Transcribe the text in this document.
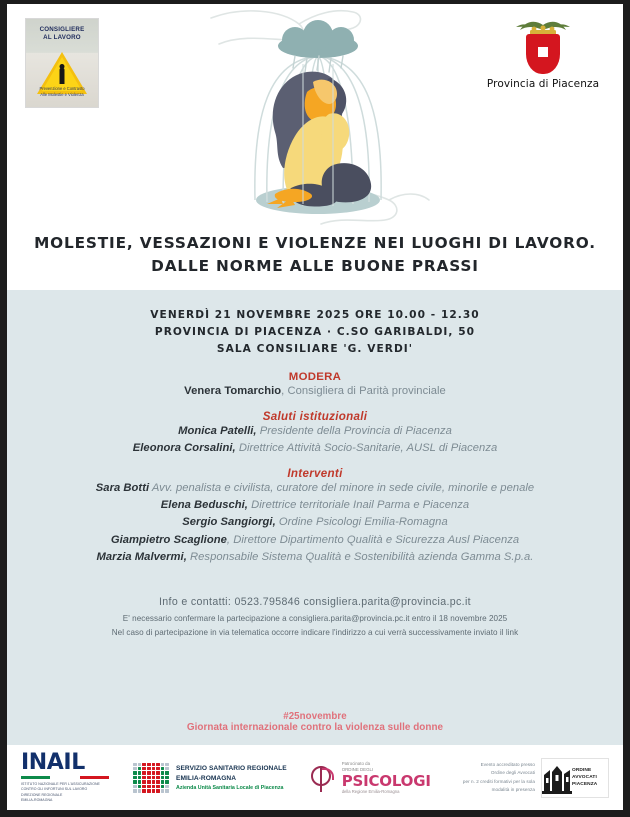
CONSIGLIERE
AL LAVORO
Prevenzione e Contrasto
Alle Molestie e Violenza
Provincia di Piacenza
MOLESTIE, VESSAZIONI E VIOLENZE NEI LUOGHI DI LAVORO.
DALLE NORME ALLE BUONE PRASSI
VENERDÌ 21 NOVEMBRE 2025 ORE 10.00 - 12.30
PROVINCIA DI PIACENZA · C.SO GARIBALDI, 50
SALA CONSILIARE 'G. VERDI'
MODERA
Venera Tomarchio, Consigliera di Parità provinciale
Saluti istituzionali
Monica Patelli, Presidente della Provincia di Piacenza
Eleonora Corsalini, Direttrice Attività Socio-Sanitarie, AUSL di Piacenza
Interventi
Sara Botti Avv. penalista e civilista, curatore del minore in sede civile, minorile e penale
Elena Beduschi, Direttrice territoriale Inail Parma e Piacenza
Sergio Sangiorgi, Ordine Psicologi Emilia-Romagna
Giampietro Scaglione, Direttore Dipartimento Qualità e Sicurezza Ausl Piacenza
Marzia Malvermi, Responsabile Sistema Qualità e Sostenibilità azienda Gamma S.p.a.
Info e contatti: 0523.795846 consigliera.parita@provincia.pc.it
E' necessario confermare la partecipazione a consigliera.parita@provincia.pc.it entro il 18 novembre 2025
Nel caso di partecipazione in via telematica occorre indicare l'indirizzo a cui verrà successivamente inviato il link
#25novembre
Giornata internazionale contro la violenza sulle donne
INAIL
ISTITUTO NAZIONALE PER L'ASSICURAZIONE
CONTRO GLI INFORTUNI SUL LAVORO
DIREZIONE REGIONALE
EMILIA-ROMAGNA
SERVIZIO SANITARIO REGIONALE
EMILIA-ROMAGNA
Azienda Unità Sanitaria Locale di Piacenza
Patrocinato da
ORDINE DEGLI
PSICOLOGI
della Regione Emilia-Romagna
Evento accreditato presso
Ordine degli Avvocati
per n. 2 crediti formativi per la sola
modalità in presenza
ORDINE
AVVOCATI
PIACENZA
